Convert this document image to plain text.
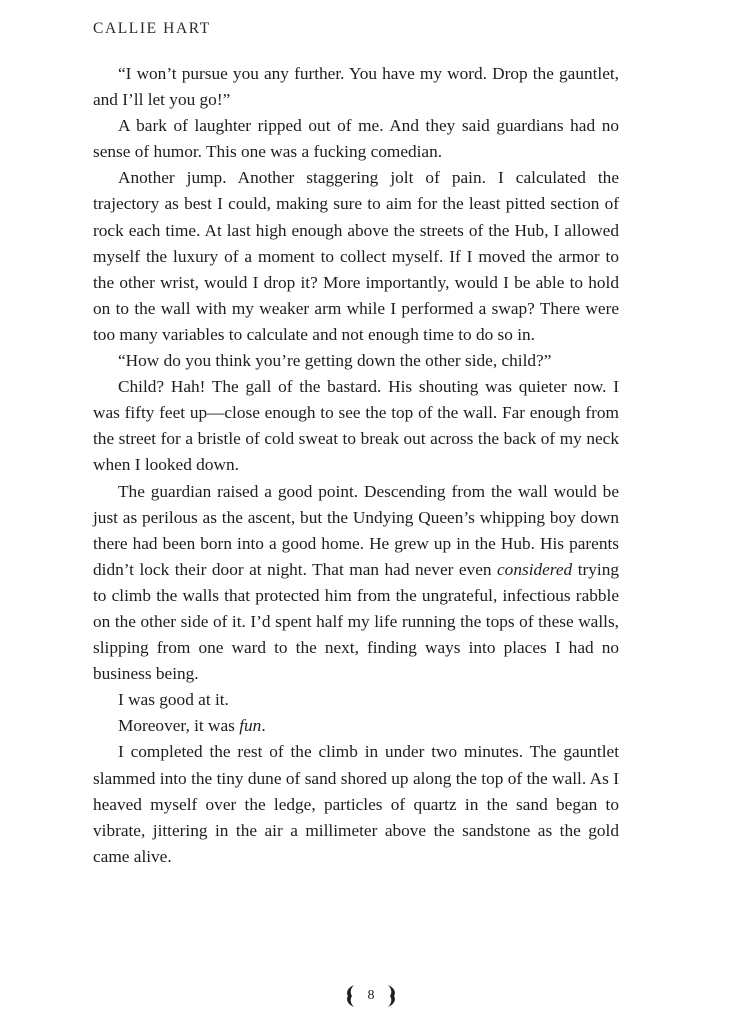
CALLIE HART

“I won’t pursue you any further. You have my word. Drop the gauntlet, and I’ll let you go!”

A bark of laughter ripped out of me. And they said guardians had no sense of humor. This one was a fucking comedian.

Another jump. Another staggering jolt of pain. I calculated the trajectory as best I could, making sure to aim for the least pitted section of rock each time. At last high enough above the streets of the Hub, I allowed myself the luxury of a moment to collect myself. If I moved the armor to the other wrist, would I drop it? More importantly, would I be able to hold on to the wall with my weaker arm while I performed a swap? There were too many variables to calculate and not enough time to do so in.

“How do you think you’re getting down the other side, child?”

Child? Hah! The gall of the bastard. His shouting was quieter now. I was fifty feet up—close enough to see the top of the wall. Far enough from the street for a bristle of cold sweat to break out across the back of my neck when I looked down.

The guardian raised a good point. Descending from the wall would be just as perilous as the ascent, but the Undying Queen’s whipping boy down there had been born into a good home. He grew up in the Hub. His parents didn’t lock their door at night. That man had never even considered trying to climb the walls that protected him from the ungrateful, infectious rabble on the other side of it. I’d spent half my life running the tops of these walls, slipping from one ward to the next, finding ways into places I had no business being.

I was good at it.

Moreover, it was fun.

I completed the rest of the climb in under two minutes. The gauntlet slammed into the tiny dune of sand shored up along the top of the wall. As I heaved myself over the ledge, particles of quartz in the sand began to vibrate, jittering in the air a millimeter above the sandstone as the gold came alive.

8
